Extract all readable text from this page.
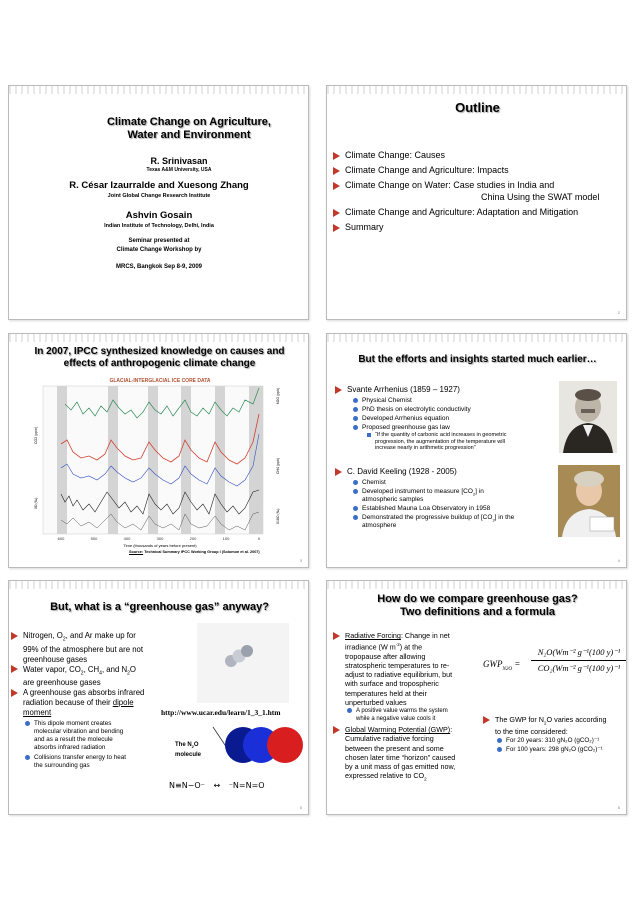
Climate Change on Agriculture,
Water and Environment
R. Srinivasan
Texas A&M University, USA
R. César Izaurralde and Xuesong Zhang
Joint Global Change Research Institute
Ashvin Gosain
Indian Institute of Technology, Delhi, India
Seminar presented at
Climate Change Workshop by
MRCS, Bangkok Sep 8-9, 2009
Outline
Climate Change: Causes
Climate Change and Agriculture: Impacts
Climate Change on Water: Case studies in India and
China Using the SWAT model
Climate Change and Agriculture: Adaptation and Mitigation
Summary
2
In 2007, IPCC synthesized knowledge on causes and
effects of anthropogenic climate change
GLACIAL-INTERGLACIAL ICE CORE DATA
600	500	400	300	200	100	0
Time (thousands of years before present)
CO2 (ppm)
δD (‰)
N2O (ppb)
CH4 (ppb)
δ18O (‰)
Source: Technical Summary IPCC Working Group I (Solomon et al. 2007)
3
But the efforts and insights started much earlier…
Svante Arrhenius (1859 – 1927)
Physical Chemist
PhD thesis on electrolytic conductivity
Developed Arrhenius equation
Proposed greenhouse gas law
“If the quantity of carbonic acid increases in geometric
progression, the augmentation of the temperature will
increase nearly in arithmetic progression”
C. David Keeling (1928 - 2005)
Chemist
Developed instrument to measure $[CO_2]$ in
atmospheric samples
Established Mauna Loa Observatory in 1958
Demonstrated the progressive buildup of $[CO_2]$ in the
atmosphere
4
But, what is a “greenhouse gas” anyway?
Nitrogen, $O_2$, and Ar make up for
99% of the atmosphere but are not
greenhouse gases
Water vapor, $CO_2$, $CH_4$, and $N_2O$
are greenhouse gases
A greenhouse gas absorbs infrared
radiation because of their dipole
moment
This dipole moment creates
molecular vibration and bending
and as a result the molecule
absorbs infrared radiation
Collisions transfer energy to heat
the surrounding gas
http://www.ucar.edu/learn/1_3_1.htm
The $N_2O$
molecule
N≡N−O⁻ ↔ ⁻N=N=O
5
How do we compare greenhouse gas?
Two definitions and a formula
Radiative Forcing: Change in net
irradiance (W $m^{-2}$) at the
tropopause after allowing
stratospheric temperatures to re-
adjust to radiative equilibrium, but
with surface and tropospheric
temperatures held at their
unperturbed values
A positive value warms the system
while a negative value cools it
Global Warming Potential (GWP):
Cumulative radiative forcing
between the present and some
chosen later time “horizon” caused
by a unit mass of gas emitted now,
expressed relative to $CO_2$
$GWP_{N2O}$ =
N₂O(Wm⁻² g⁻¹(100 y)⁻¹
CO₂(Wm⁻² g⁻¹(100 y)⁻¹
The GWP for $N_2O$ varies according
to the time considered:
For 20 years: 310 gN₂O (gCO₂)⁻¹
For 100 years: 298 gN₂O (gCO₂)⁻¹
6
